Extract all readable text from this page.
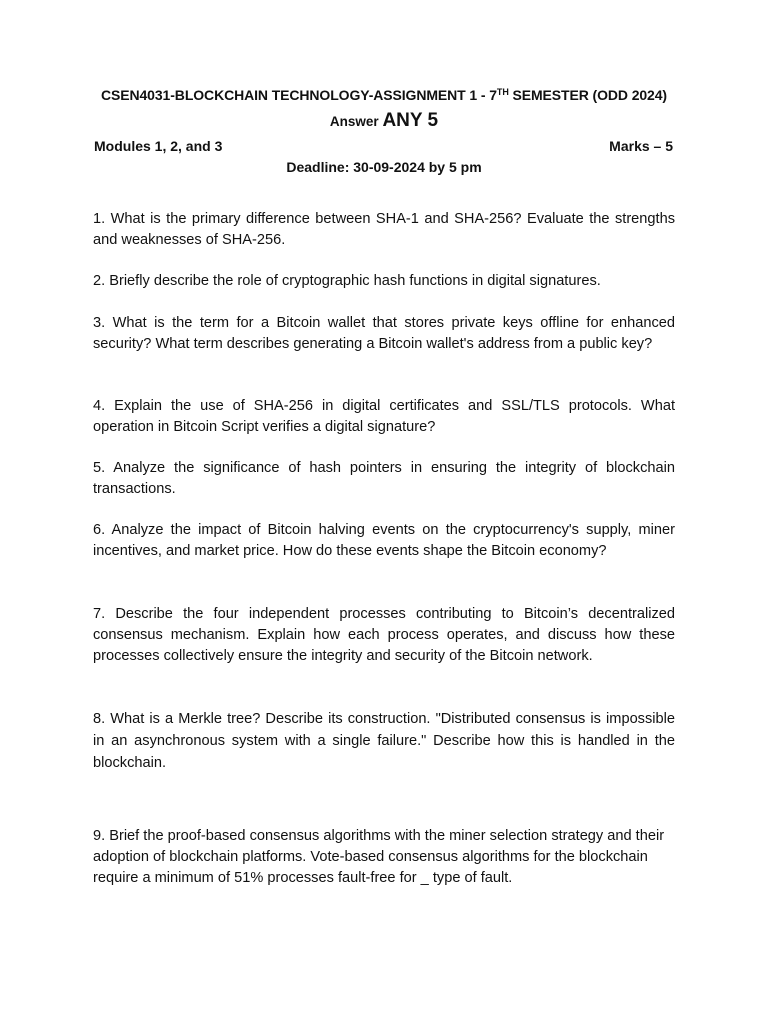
CSEN4031-BLOCKCHAIN TECHNOLOGY-ASSIGNMENT 1 - 7TH SEMESTER (ODD 2024)
Answer ANY 5
Modules 1, 2, and 3	Marks – 5
Deadline: 30-09-2024 by 5 pm
1. What is the primary difference between SHA-1 and SHA-256? Evaluate the strengths and weaknesses of SHA-256.
2. Briefly describe the role of cryptographic hash functions in digital signatures.
3. What is the term for a Bitcoin wallet that stores private keys offline for enhanced security? What term describes generating a Bitcoin wallet's address from a public key?
4. Explain the use of SHA-256 in digital certificates and SSL/TLS protocols. What operation in Bitcoin Script verifies a digital signature?
5. Analyze the significance of hash pointers in ensuring the integrity of blockchain transactions.
6. Analyze the impact of Bitcoin halving events on the cryptocurrency's supply, miner incentives, and market price. How do these events shape the Bitcoin economy?
7. Describe the four independent processes contributing to Bitcoin’s decentralized consensus mechanism. Explain how each process operates, and discuss how these processes collectively ensure the integrity and security of the Bitcoin network.
8. What is a Merkle tree? Describe its construction. "Distributed consensus is impossible in an asynchronous system with a single failure." Describe how this is handled in the blockchain.
9. Brief the proof-based consensus algorithms with the miner selection strategy and their adoption of blockchain platforms. Vote-based consensus algorithms for the blockchain require a minimum of 51% processes fault-free for _ type of fault.
